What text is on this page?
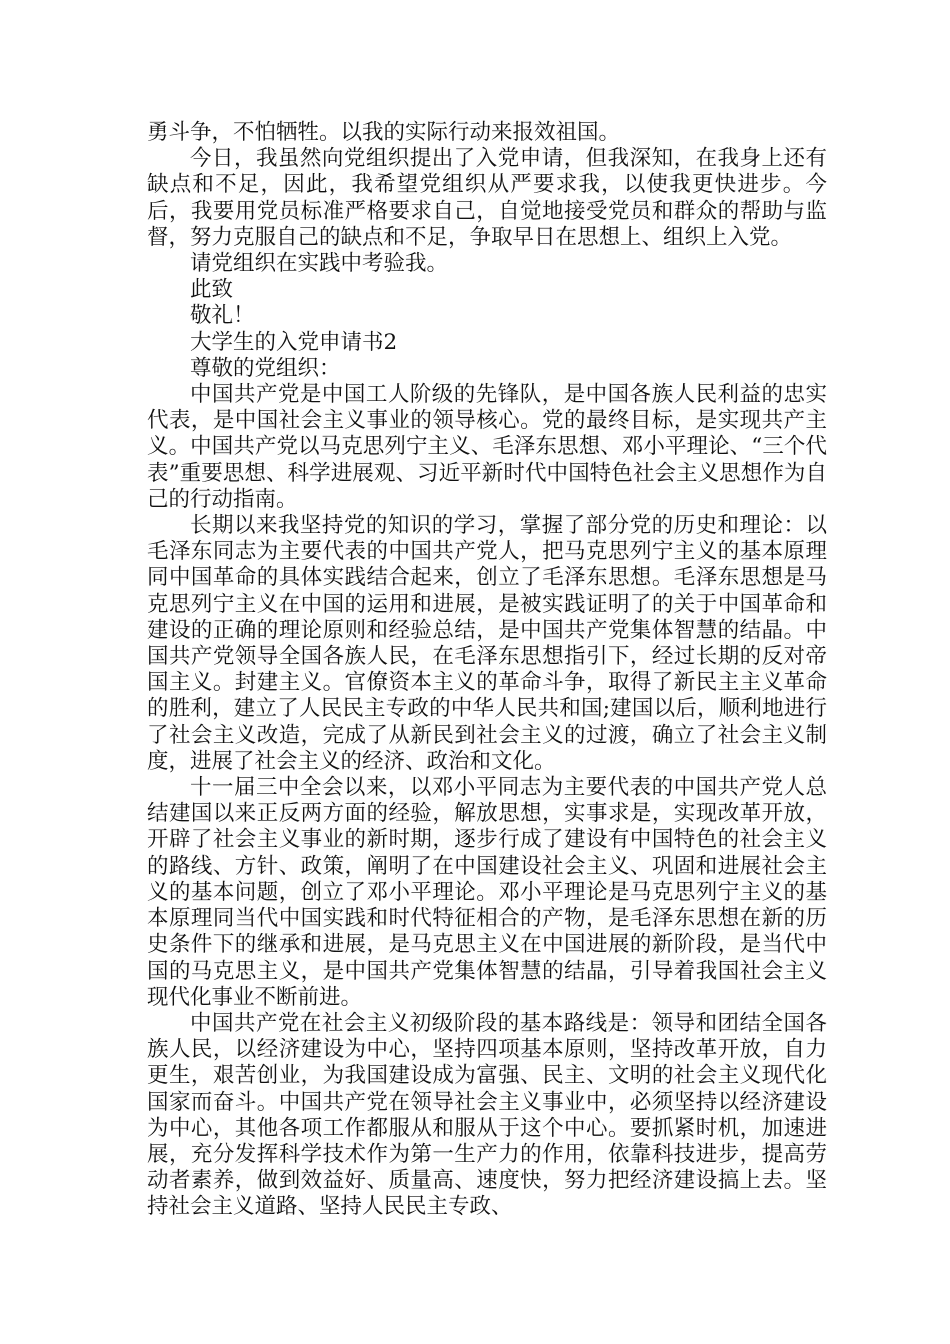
勇斗争，不怕牺牲。以我的实际行动来报效祖国。

今日，我虽然向党组织提出了入党申请，但我深知，在我身上还有缺点和不足，因此，我希望党组织从严要求我，以使我更快进步。今后，我要用党员标准严格要求自己，自觉地接受党员和群众的帮助与监督，努力克服自己的缺点和不足，争取早日在思想上、组织上入党。

请党组织在实践中考验我。

此致

敬礼！

大学生的入党申请书2

尊敬的党组织：

中国共产党是中国工人阶级的先锋队，是中国各族人民利益的忠实代表，是中国社会主义事业的领导核心。党的最终目标，是实现共产主义。中国共产党以马克思列宁主义、毛泽东思想、邓小平理论、“三个代表”重要思想、科学进展观、习近平新时代中国特色社会主义思想作为自己的行动指南。

长期以来我坚持党的知识的学习，掌握了部分党的历史和理论：以毛泽东同志为主要代表的中国共产党人，把马克思列宁主义的基本原理同中国革命的具体实践结合起来，创立了毛泽东思想。毛泽东思想是马克思列宁主义在中国的运用和进展，是被实践证明了的关于中国革命和建设的正确的理论原则和经验总结，是中国共产党集体智慧的结晶。中国共产党领导全国各族人民，在毛泽东思想指引下，经过长期的反对帝国主义。封建主义。官僚资本主义的革命斗争，取得了新民主主义革命的胜利，建立了人民民主专政的中华人民共和国;建国以后，顺利地进行了社会主义改造，完成了从新民到社会主义的过渡，确立了社会主义制度，进展了社会主义的经济、政治和文化。

十一届三中全会以来，以邓小平同志为主要代表的中国共产党人总结建国以来正反两方面的经验，解放思想，实事求是，实现改革开放，开辟了社会主义事业的新时期，逐步行成了建设有中国特色的社会主义的路线、方针、政策，阐明了在中国建设社会主义、巩固和进展社会主义的基本问题，创立了邓小平理论。邓小平理论是马克思列宁主义的基本原理同当代中国实践和时代特征相合的产物，是毛泽东思想在新的历史条件下的继承和进展，是马克思主义在中国进展的新阶段，是当代中国的马克思主义，是中国共产党集体智慧的结晶，引导着我国社会主义现代化事业不断前进。

中国共产党在社会主义初级阶段的基本路线是：领导和团结全国各族人民，以经济建设为中心，坚持四项基本原则，坚持改革开放，自力更生，艰苦创业，为我国建设成为富强、民主、文明的社会主义现代化国家而奋斗。中国共产党在领导社会主义事业中，必须坚持以经济建设为中心，其他各项工作都服从和服从于这个中心。要抓紧时机，加速进展，充分发挥科学技术作为第一生产力的作用，依靠科技进步，提高劳动者素养，做到效益好、质量高、速度快，努力把经济建设搞上去。坚持社会主义道路、坚持人民民主专政、
